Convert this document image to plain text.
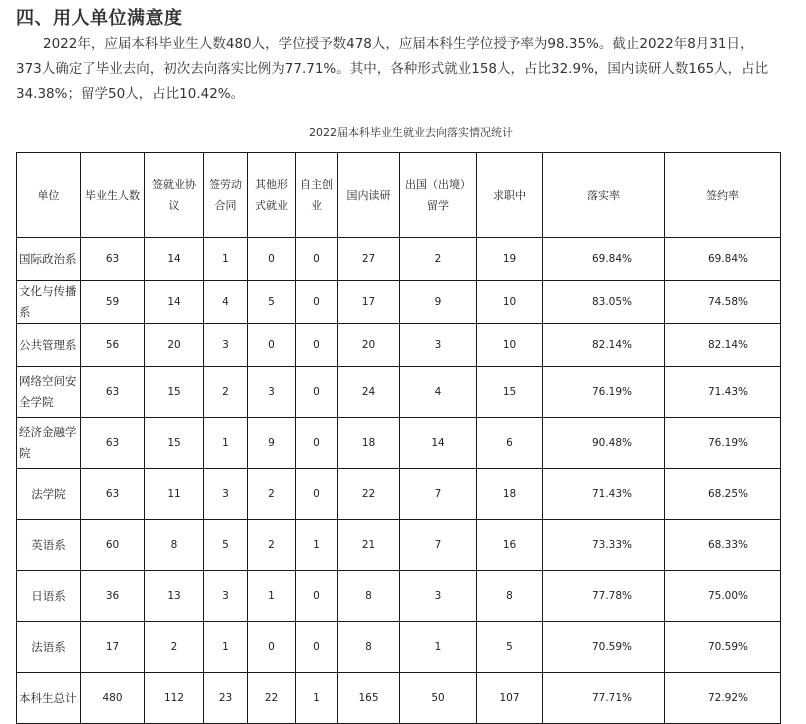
四、用人单位满意度

2022年，应届本科毕业生人数480人，学位授予数478人，应届本科生学位授予率为98.35%。截止2022年8月31日，373人确定了毕业去向，初次去向落实比例为77.71%。其中，各种形式就业158人，占比32.9%，国内读研人数165人，占比34.38%；留学50人，占比10.42%。

2022届本科毕业生就业去向落实情况统计
单位	毕业生人数	签就业协议	签劳动合同	其他形式就业	自主创业	国内读研	出国（出境）留学	求职中	落实率	签约率
国际政治系	63	14	1	0	0	27	2	19	69.84%	69.84%
文化与传播系	59	14	4	5	0	17	9	10	83.05%	74.58%
公共管理系	56	20	3	0	0	20	3	10	82.14%	82.14%
网络空间安全学院	63	15	2	3	0	24	4	15	76.19%	71.43%
经济金融学院	63	15	1	9	0	18	14	6	90.48%	76.19%
法学院	63	11	3	2	0	22	7	18	71.43%	68.25%
英语系	60	8	5	2	1	21	7	16	73.33%	68.33%
日语系	36	13	3	1	0	8	3	8	77.78%	75.00%
法语系	17	2	1	0	0	8	1	5	70.59%	70.59%
本科生总计	480	112	23	22	1	165	50	107	77.71%	72.92%
